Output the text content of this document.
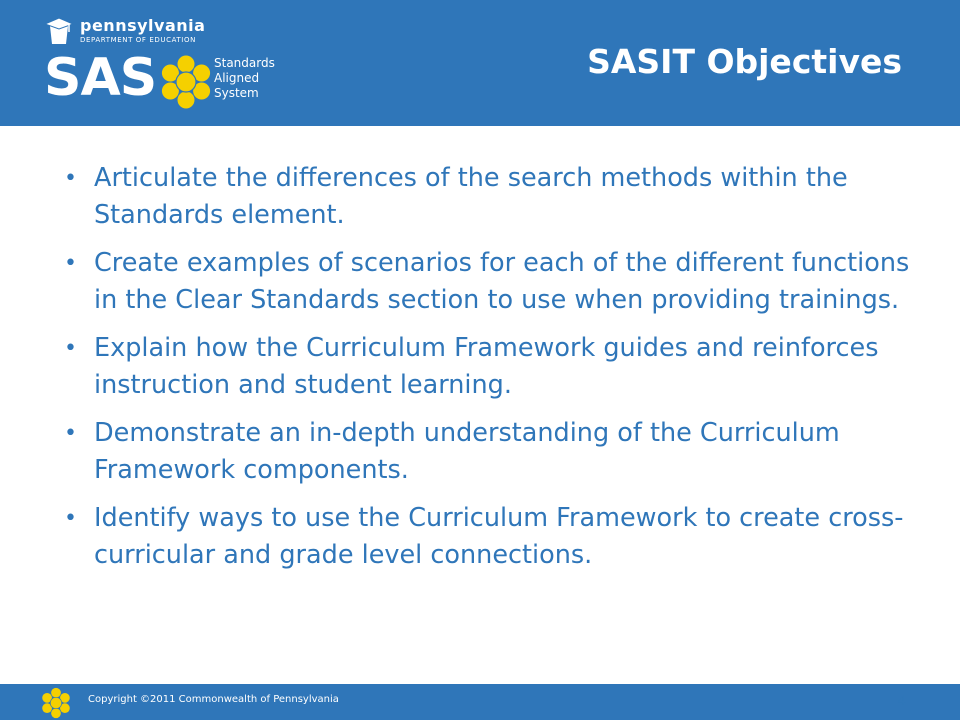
pennsylvania
DEPARTMENT OF EDUCATION
SAS	Standards
Aligned
System
SASIT Objectives
• Articulate the differences of the search methods within the Standards element.
• Create examples of scenarios for each of the different functions in the Clear Standards section to use when providing trainings.
• Explain how the Curriculum Framework guides and reinforces instruction and student learning.
• Demonstrate an in-depth understanding of the Curriculum Framework components.
• Identify ways to use the Curriculum Framework to create cross-curricular and grade level connections.
Copyright ©2011 Commonwealth of Pennsylvania	4
